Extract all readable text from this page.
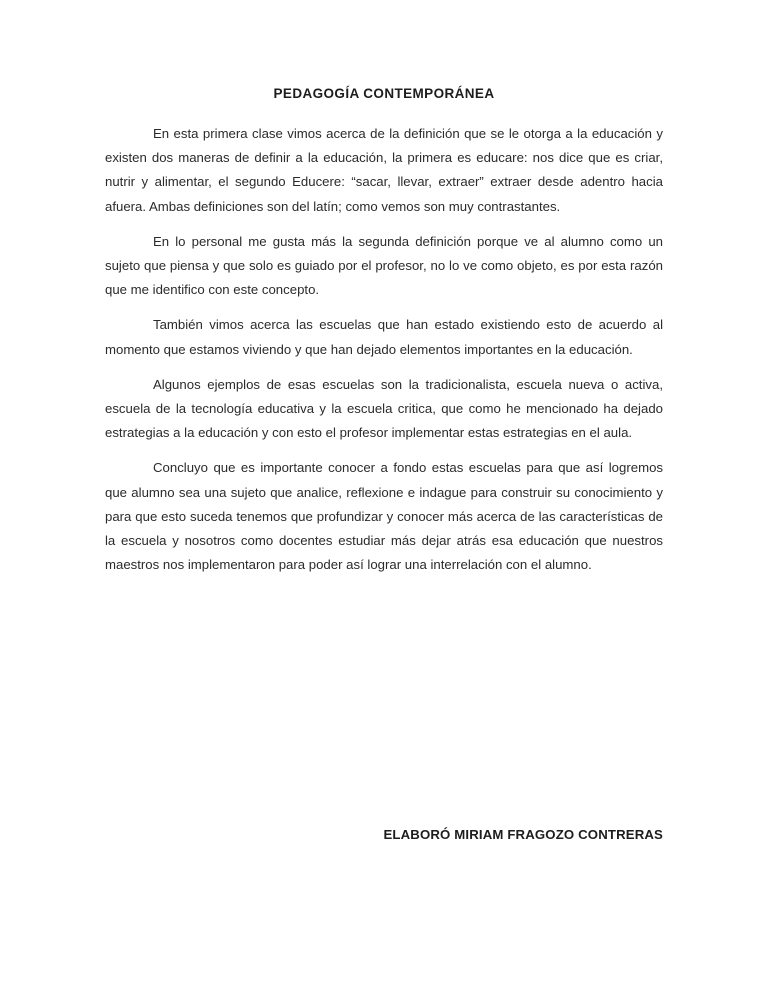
PEDAGOGÍA CONTEMPORÁNEA

En esta primera clase vimos acerca de la definición que se le otorga a la educación y existen dos maneras de definir a la educación, la primera es educare: nos dice que es criar, nutrir y alimentar, el segundo Educere: “sacar, llevar, extraer” extraer desde adentro hacia afuera. Ambas definiciones son del latín; como vemos son muy contrastantes.

En lo personal me gusta más la segunda definición porque ve al alumno como un sujeto que piensa y que solo es guiado por el profesor, no lo ve como objeto, es por esta razón que me identifico con este concepto.

También vimos acerca las escuelas que han estado existiendo esto de acuerdo al momento que estamos viviendo y que han dejado elementos importantes en la educación.

Algunos ejemplos de esas escuelas son la tradicionalista, escuela nueva o activa, escuela de la tecnología educativa y la escuela critica, que como he mencionado ha dejado estrategias a la educación y con esto el profesor implementar estas estrategias en el aula.

Concluyo que es importante conocer a fondo estas escuelas para que así logremos que alumno sea una sujeto que analice, reflexione e indague para construir su conocimiento y para que esto suceda tenemos que profundizar y conocer más acerca de las características de la escuela y nosotros como docentes estudiar más dejar atrás esa educación que nuestros maestros nos implementaron para poder así lograr una interrelación con el alumno.

ELABORÓ MIRIAM FRAGOZO CONTRERAS
